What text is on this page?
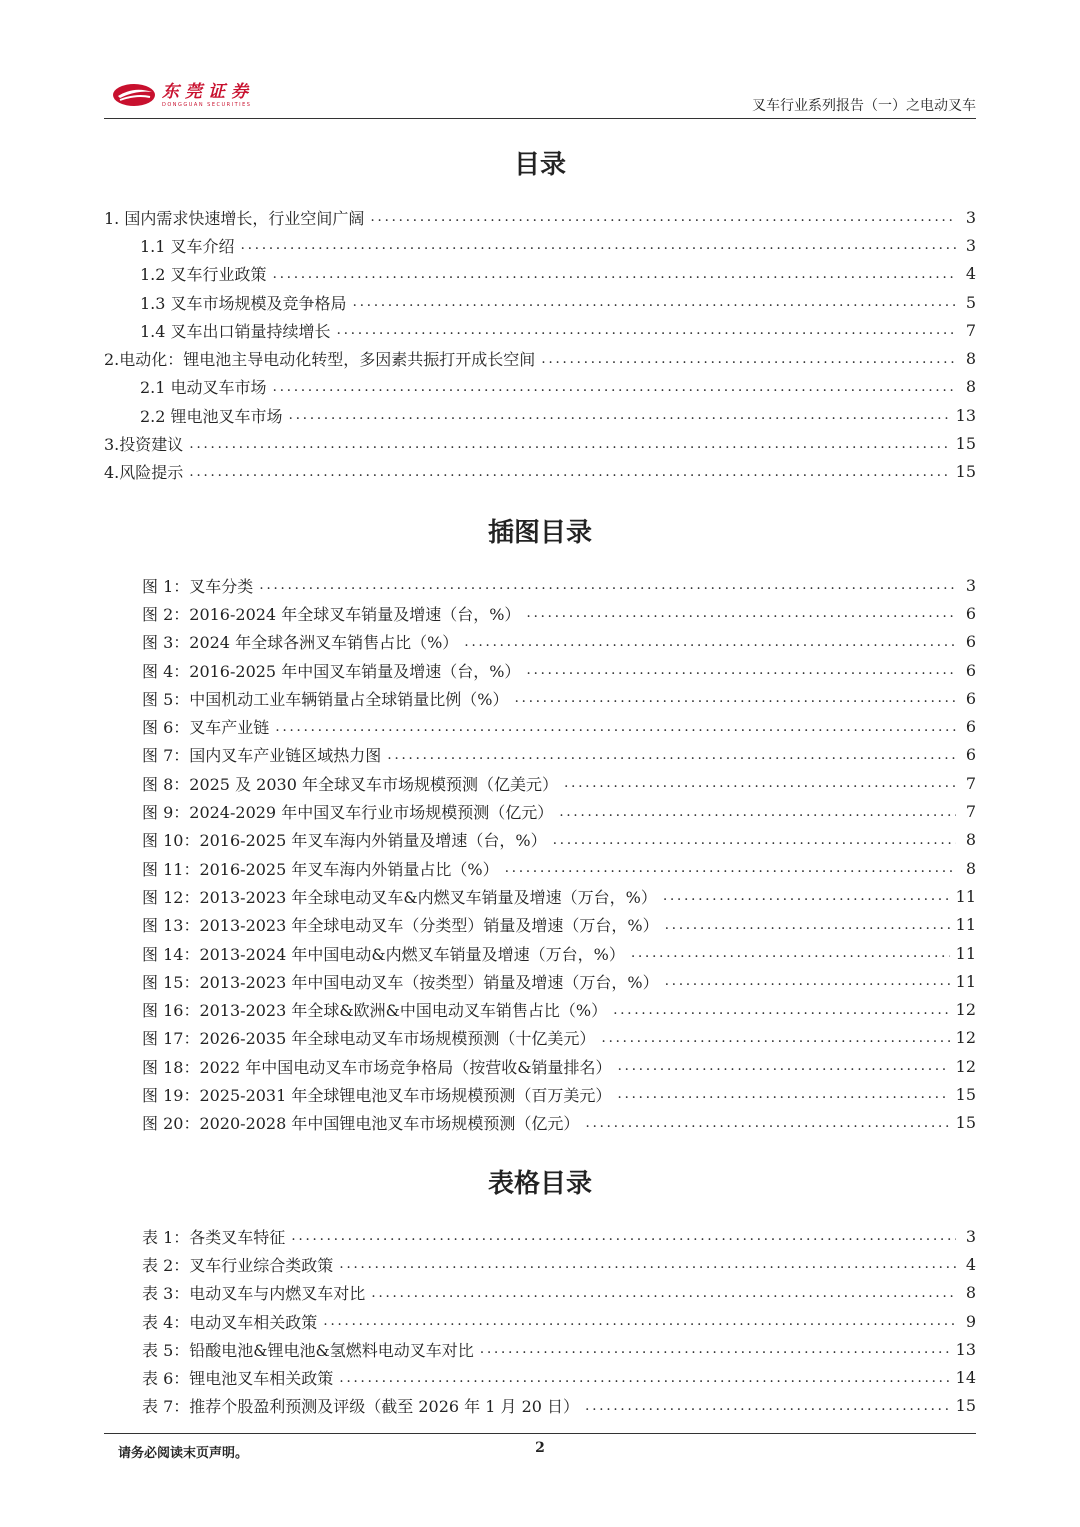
东莞证券
DONGGUAN SECURITIES	叉车行业系列报告（一）之电动叉车
目录
1. 国内需求快速增长，行业空间广阔 .....	3
1.1 叉车介绍 .....	3
1.2 叉车行业政策 .....	4
1.3 叉车市场规模及竞争格局 .....	5
1.4 叉车出口销量持续增长 .....	7
2.电动化：锂电池主导电动化转型，多因素共振打开成长空间 .....	8
2.1 电动叉车市场 .....	8
2.2 锂电池叉车市场 .....	13
3.投资建议 .....	15
4.风险提示 .....	15
插图目录
图 1：叉车分类 .....	3
图 2：2016-2024 年全球叉车销量及增速（台，%） .....	6
图 3：2024 年全球各洲叉车销售占比（%） .....	6
图 4：2016-2025 年中国叉车销量及增速（台，%） .....	6
图 5：中国机动工业车辆销量占全球销量比例（%） .....	6
图 6：叉车产业链 .....	6
图 7：国内叉车产业链区域热力图 .....	6
图 8：2025 及 2030 年全球叉车市场规模预测（亿美元） .....	7
图 9：2024-2029 年中国叉车行业市场规模预测（亿元） .....	7
图 10：2016-2025 年叉车海内外销量及增速（台，%） .....	8
图 11：2016-2025 年叉车海内外销量占比（%） .....	8
图 12：2013-2023 年全球电动叉车&内燃叉车销量及增速（万台，%） .....	11
图 13：2013-2023 年全球电动叉车（分类型）销量及增速（万台，%） .....	11
图 14：2013-2024 年中国电动&内燃叉车销量及增速（万台，%） .....	11
图 15：2013-2023 年中国电动叉车（按类型）销量及增速（万台，%） .....	11
图 16：2013-2023 年全球&欧洲&中国电动叉车销售占比（%） .....	12
图 17：2026-2035 年全球电动叉车市场规模预测（十亿美元） .....	12
图 18：2022 年中国电动叉车市场竞争格局（按营收&销量排名） .....	12
图 19：2025-2031 年全球锂电池叉车市场规模预测（百万美元） .....	15
图 20：2020-2028 年中国锂电池叉车市场规模预测（亿元） .....	15
表格目录
表 1：各类叉车特征 .....	3
表 2：叉车行业综合类政策 .....	4
表 3：电动叉车与内燃叉车对比 .....	8
表 4：电动叉车相关政策 .....	9
表 5：铅酸电池&锂电池&氢燃料电动叉车对比 .....	13
表 6：锂电池叉车相关政策 .....	14
表 7：推荐个股盈利预测及评级（截至 2026 年 1 月 20 日） .....	15
请务必阅读末页声明。	2
